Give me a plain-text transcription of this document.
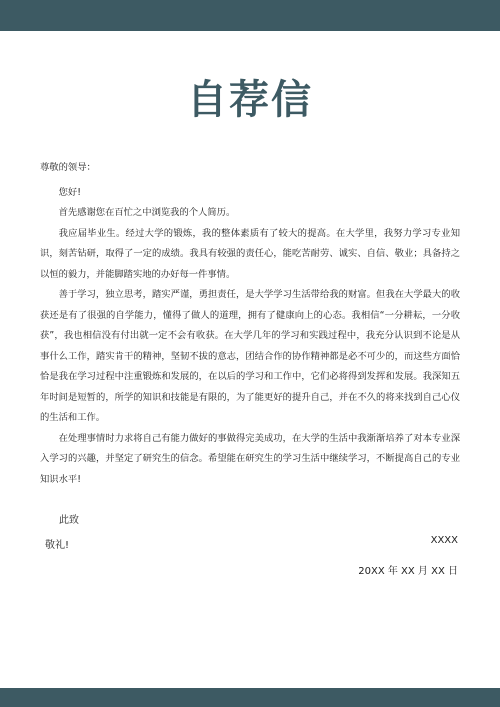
自荐信

尊敬的领导：

您好!

首先感谢您在百忙之中浏览我的个人简历。

我应届毕业生。经过大学的锻炼，我的整体素质有了较大的提高。在大学里，我努力学习专业知识，刻苦钻研，取得了一定的成绩。我具有较强的责任心，能吃苦耐劳、诚实、自信、敬业；具备持之以恒的毅力，并能脚踏实地的办好每一件事情。

善于学习，独立思考，踏实严谨，勇担责任，是大学学习生活带给我的财富。但我在大学最大的收获还是有了很强的自学能力，懂得了做人的道理，拥有了健康向上的心态。我相信“一分耕耘，一分收获”，我也相信没有付出就一定不会有收获。在大学几年的学习和实践过程中，我充分认识到不论是从事什么工作，踏实肯干的精神，坚韧不拔的意志，团结合作的协作精神都是必不可少的，而这些方面恰恰是我在学习过程中注重锻炼和发展的，在以后的学习和工作中，它们必将得到发挥和发展。我深知五年时间是短暂的，所学的知识和技能是有限的，为了能更好的提升自己，并在不久的将来找到自己心仪的生活和工作。

在处理事情时力求将自己有能力做好的事做得完美成功，在大学的生活中我渐渐培养了对本专业深入学习的兴趣，并坚定了研究生的信念。希望能在研究生的学习生活中继续学习，不断提高自己的专业知识水平!

此致
敬礼!	XXXX
20XX 年 XX 月 XX 日
